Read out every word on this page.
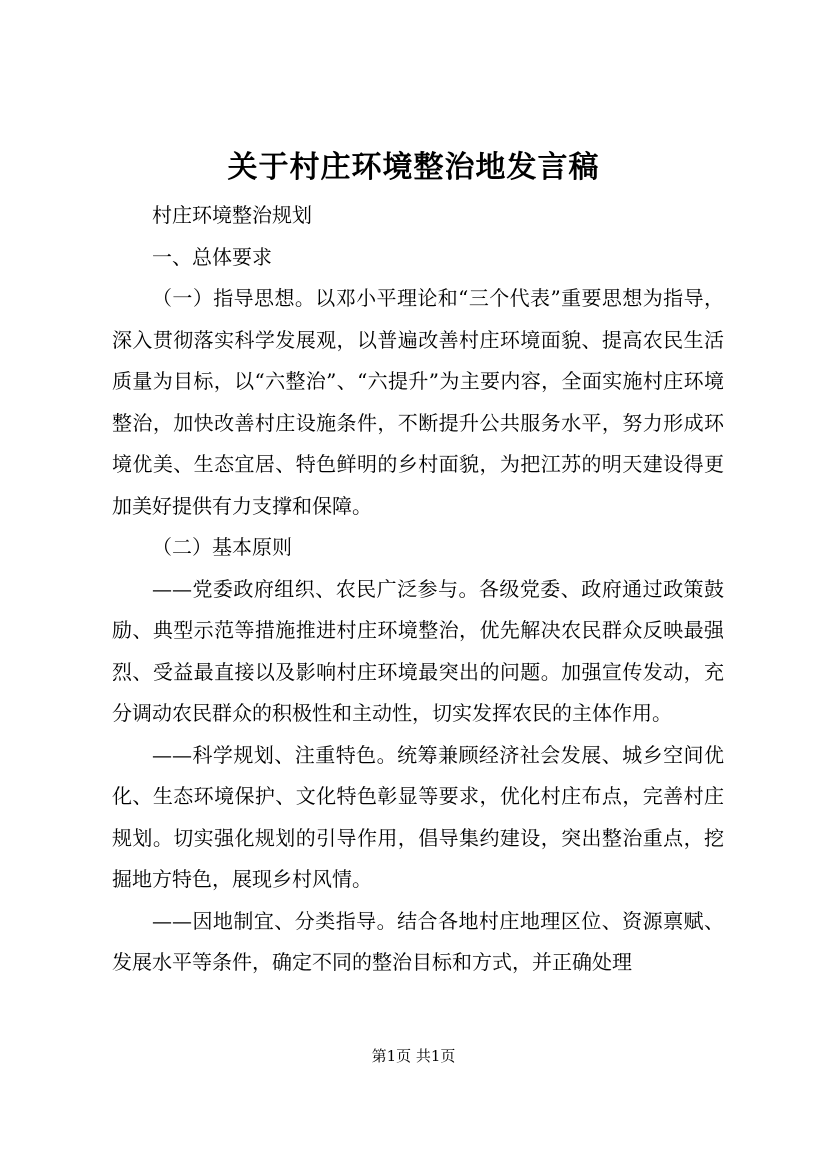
关于村庄环境整治地发言稿

村庄环境整治规划

一、总体要求

（一）指导思想。以邓小平理论和“三个代表”重要思想为指导，深入贯彻落实科学发展观，以普遍改善村庄环境面貌、提高农民生活质量为目标，以“六整治”、“六提升”为主要内容，全面实施村庄环境整治，加快改善村庄设施条件，不断提升公共服务水平，努力形成环境优美、生态宜居、特色鲜明的乡村面貌，为把江苏的明天建设得更加美好提供有力支撑和保障。

（二）基本原则

——党委政府组织、农民广泛参与。各级党委、政府通过政策鼓励、典型示范等措施推进村庄环境整治，优先解决农民群众反映最强烈、受益最直接以及影响村庄环境最突出的问题。加强宣传发动，充分调动农民群众的积极性和主动性，切实发挥农民的主体作用。

——科学规划、注重特色。统筹兼顾经济社会发展、城乡空间优化、生态环境保护、文化特色彰显等要求，优化村庄布点，完善村庄规划。切实强化规划的引导作用，倡导集约建设，突出整治重点，挖掘地方特色，展现乡村风情。

——因地制宜、分类指导。结合各地村庄地理区位、资源禀赋、发展水平等条件，确定不同的整治目标和方式，并正确处理

第1页 共1页
